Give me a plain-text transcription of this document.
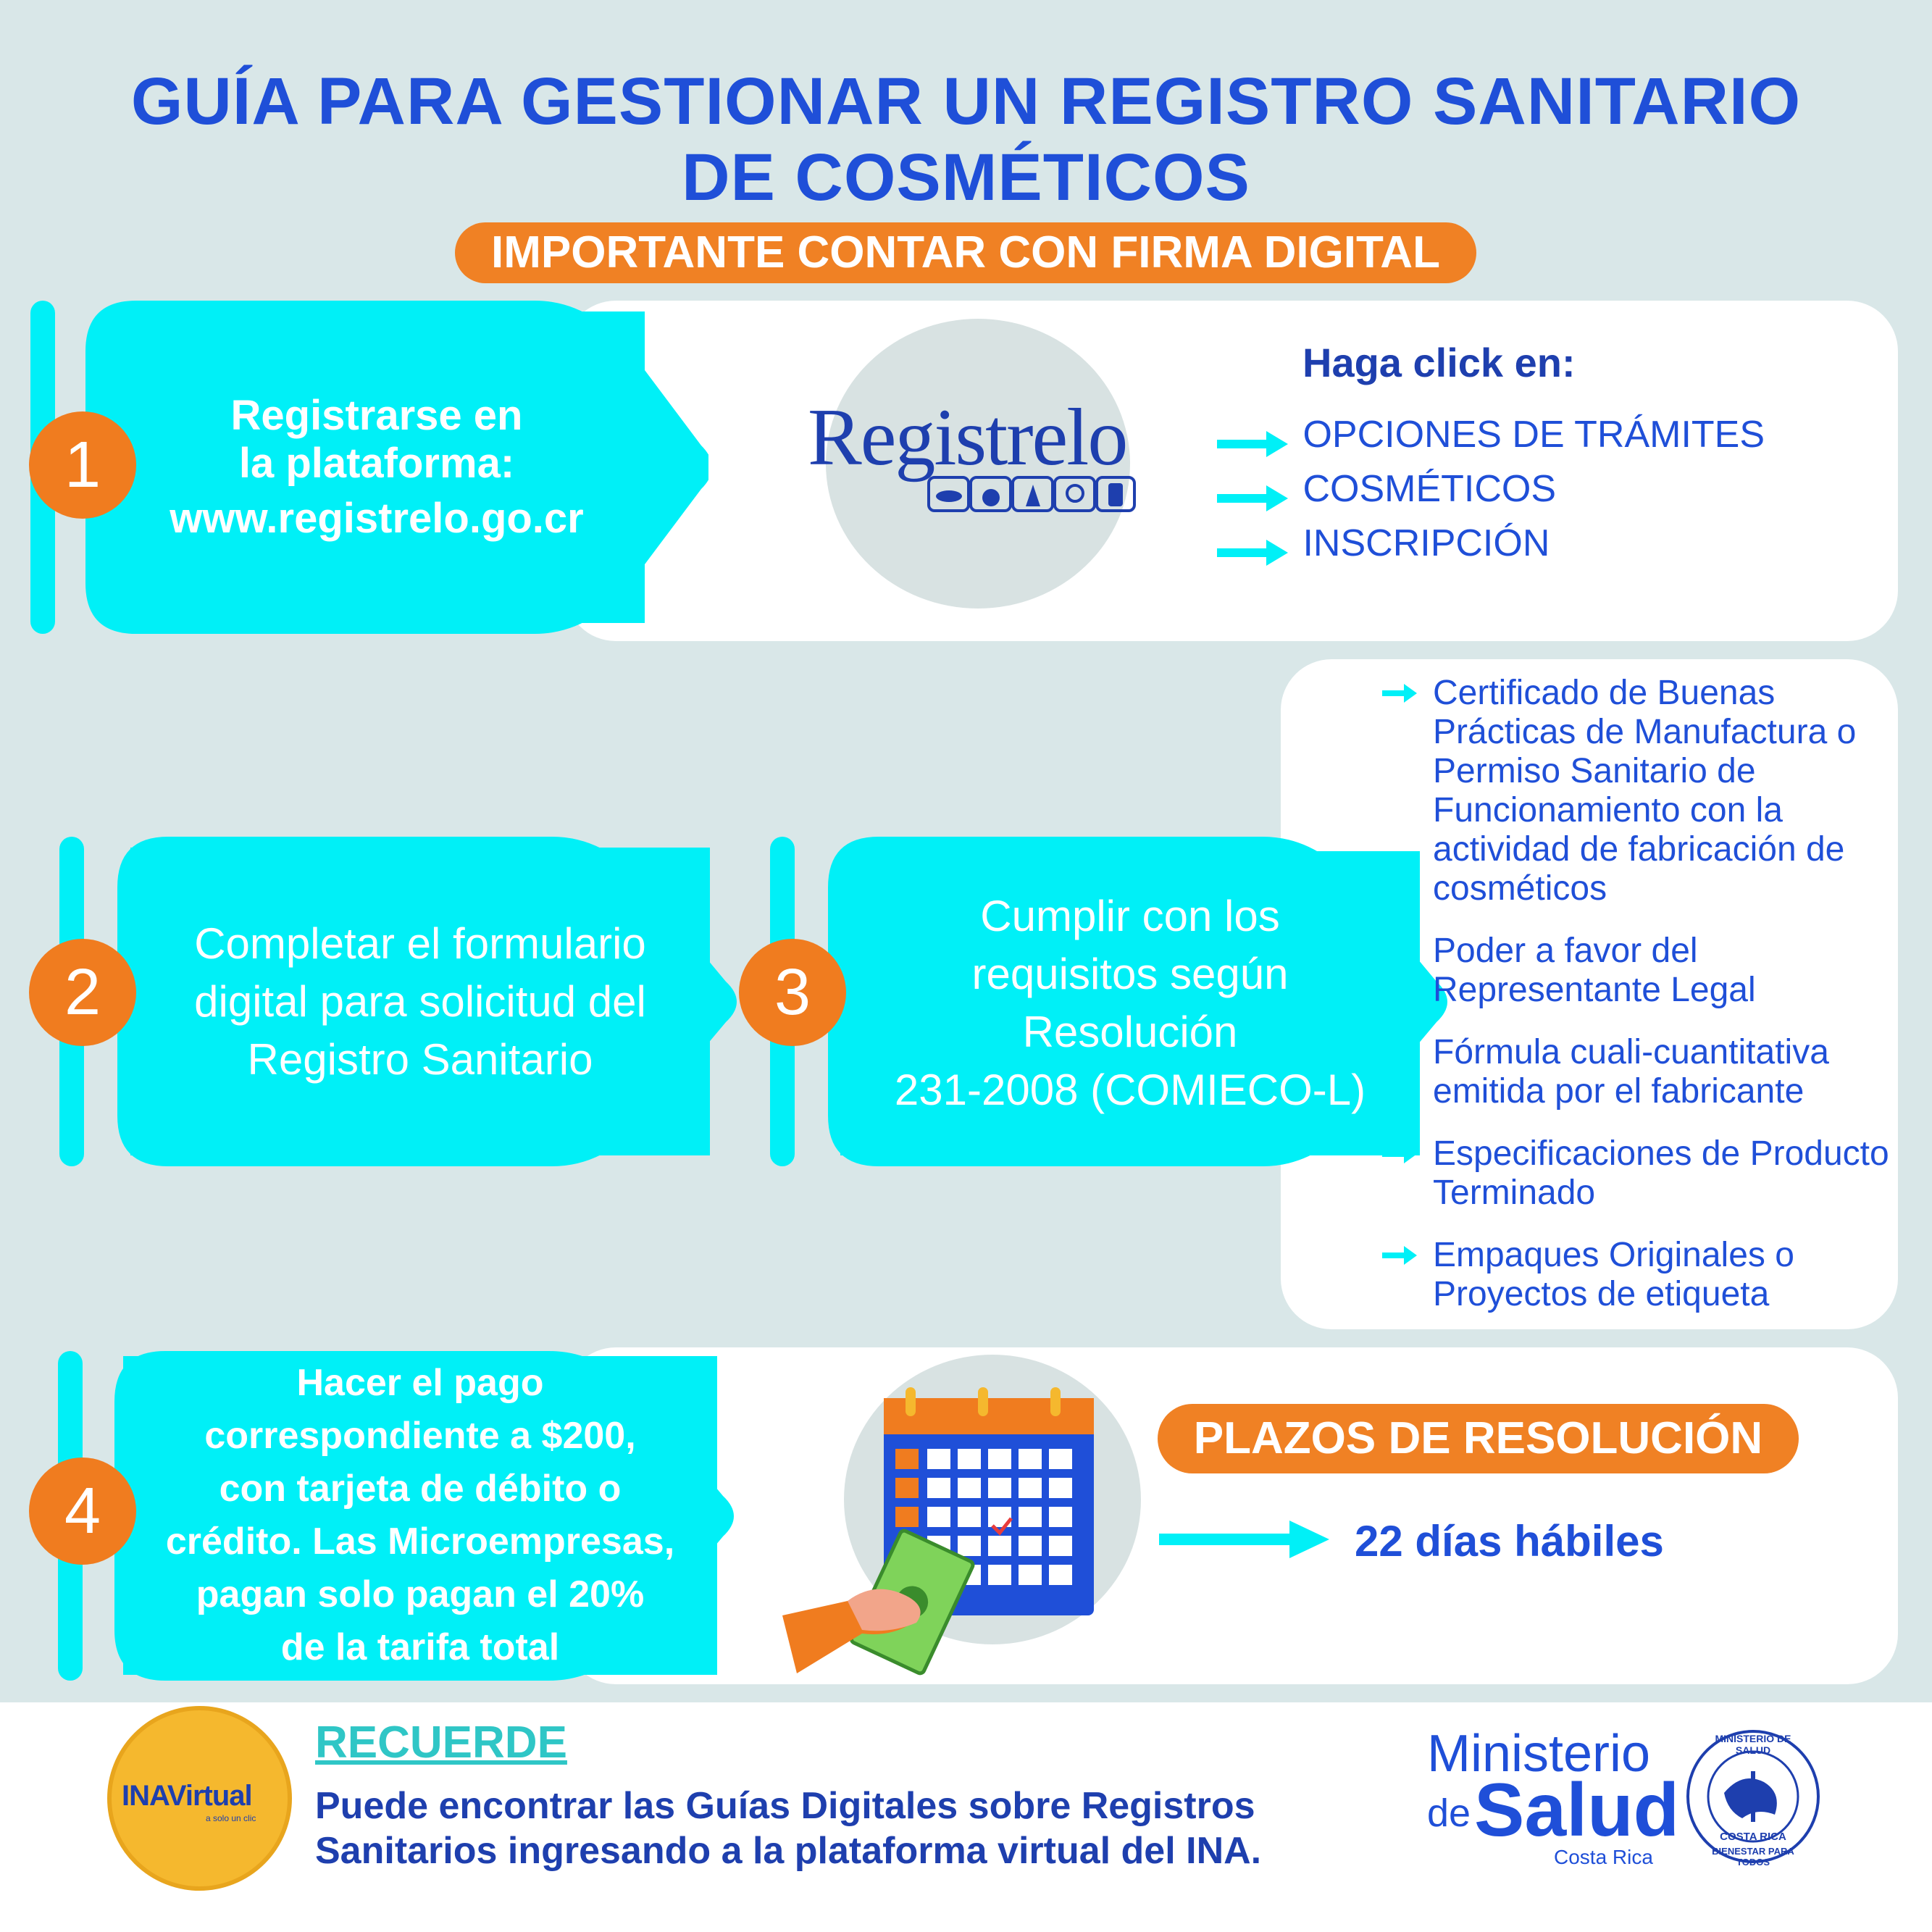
GUÍA PARA GESTIONAR UN REGISTRO SANITARIO
DE COSMÉTICOS
IMPORTANTE CONTAR CON FIRMA DIGITAL
Registrarse en
la plataforma:
www.registrelo.go.cr
1	Registrelo
Haga click en:
OPCIONES DE TRÁMITES
COSMÉTICOS
INSCRIPCIÓN
Completar el formulario
digital para solicitud del
Registro Sanitario
2
Cumplir con los
requisitos según
Resolución
231-2008 (COMIECO-L)
3
Certificado de Buenas Prácticas de Manufactura o Permiso Sanitario de Funcionamiento con la actividad de fabricación de cosméticos
Poder a favor del Representante Legal
Fórmula cuali-cuantitativa emitida por el fabricante
Especificaciones de Producto Terminado
Empaques Originales o Proyectos de etiqueta
Hacer el pago
correspondiente a $200,
con tarjeta de débito o
crédito. Las Microempresas,
pagan solo pagan el 20%
de la tarifa total
4
PLAZOS DE RESOLUCIÓN
22 días hábiles
INAVirtual
a solo un clic
RECUERDE
Puede encontrar las Guías Digitales sobre Registros
Sanitarios ingresando a la plataforma virtual del INA.
Ministerio
de Salud
Costa Rica
MINISTERIO DE SALUD
COSTA RICA
BIENESTAR PARA TODOS
